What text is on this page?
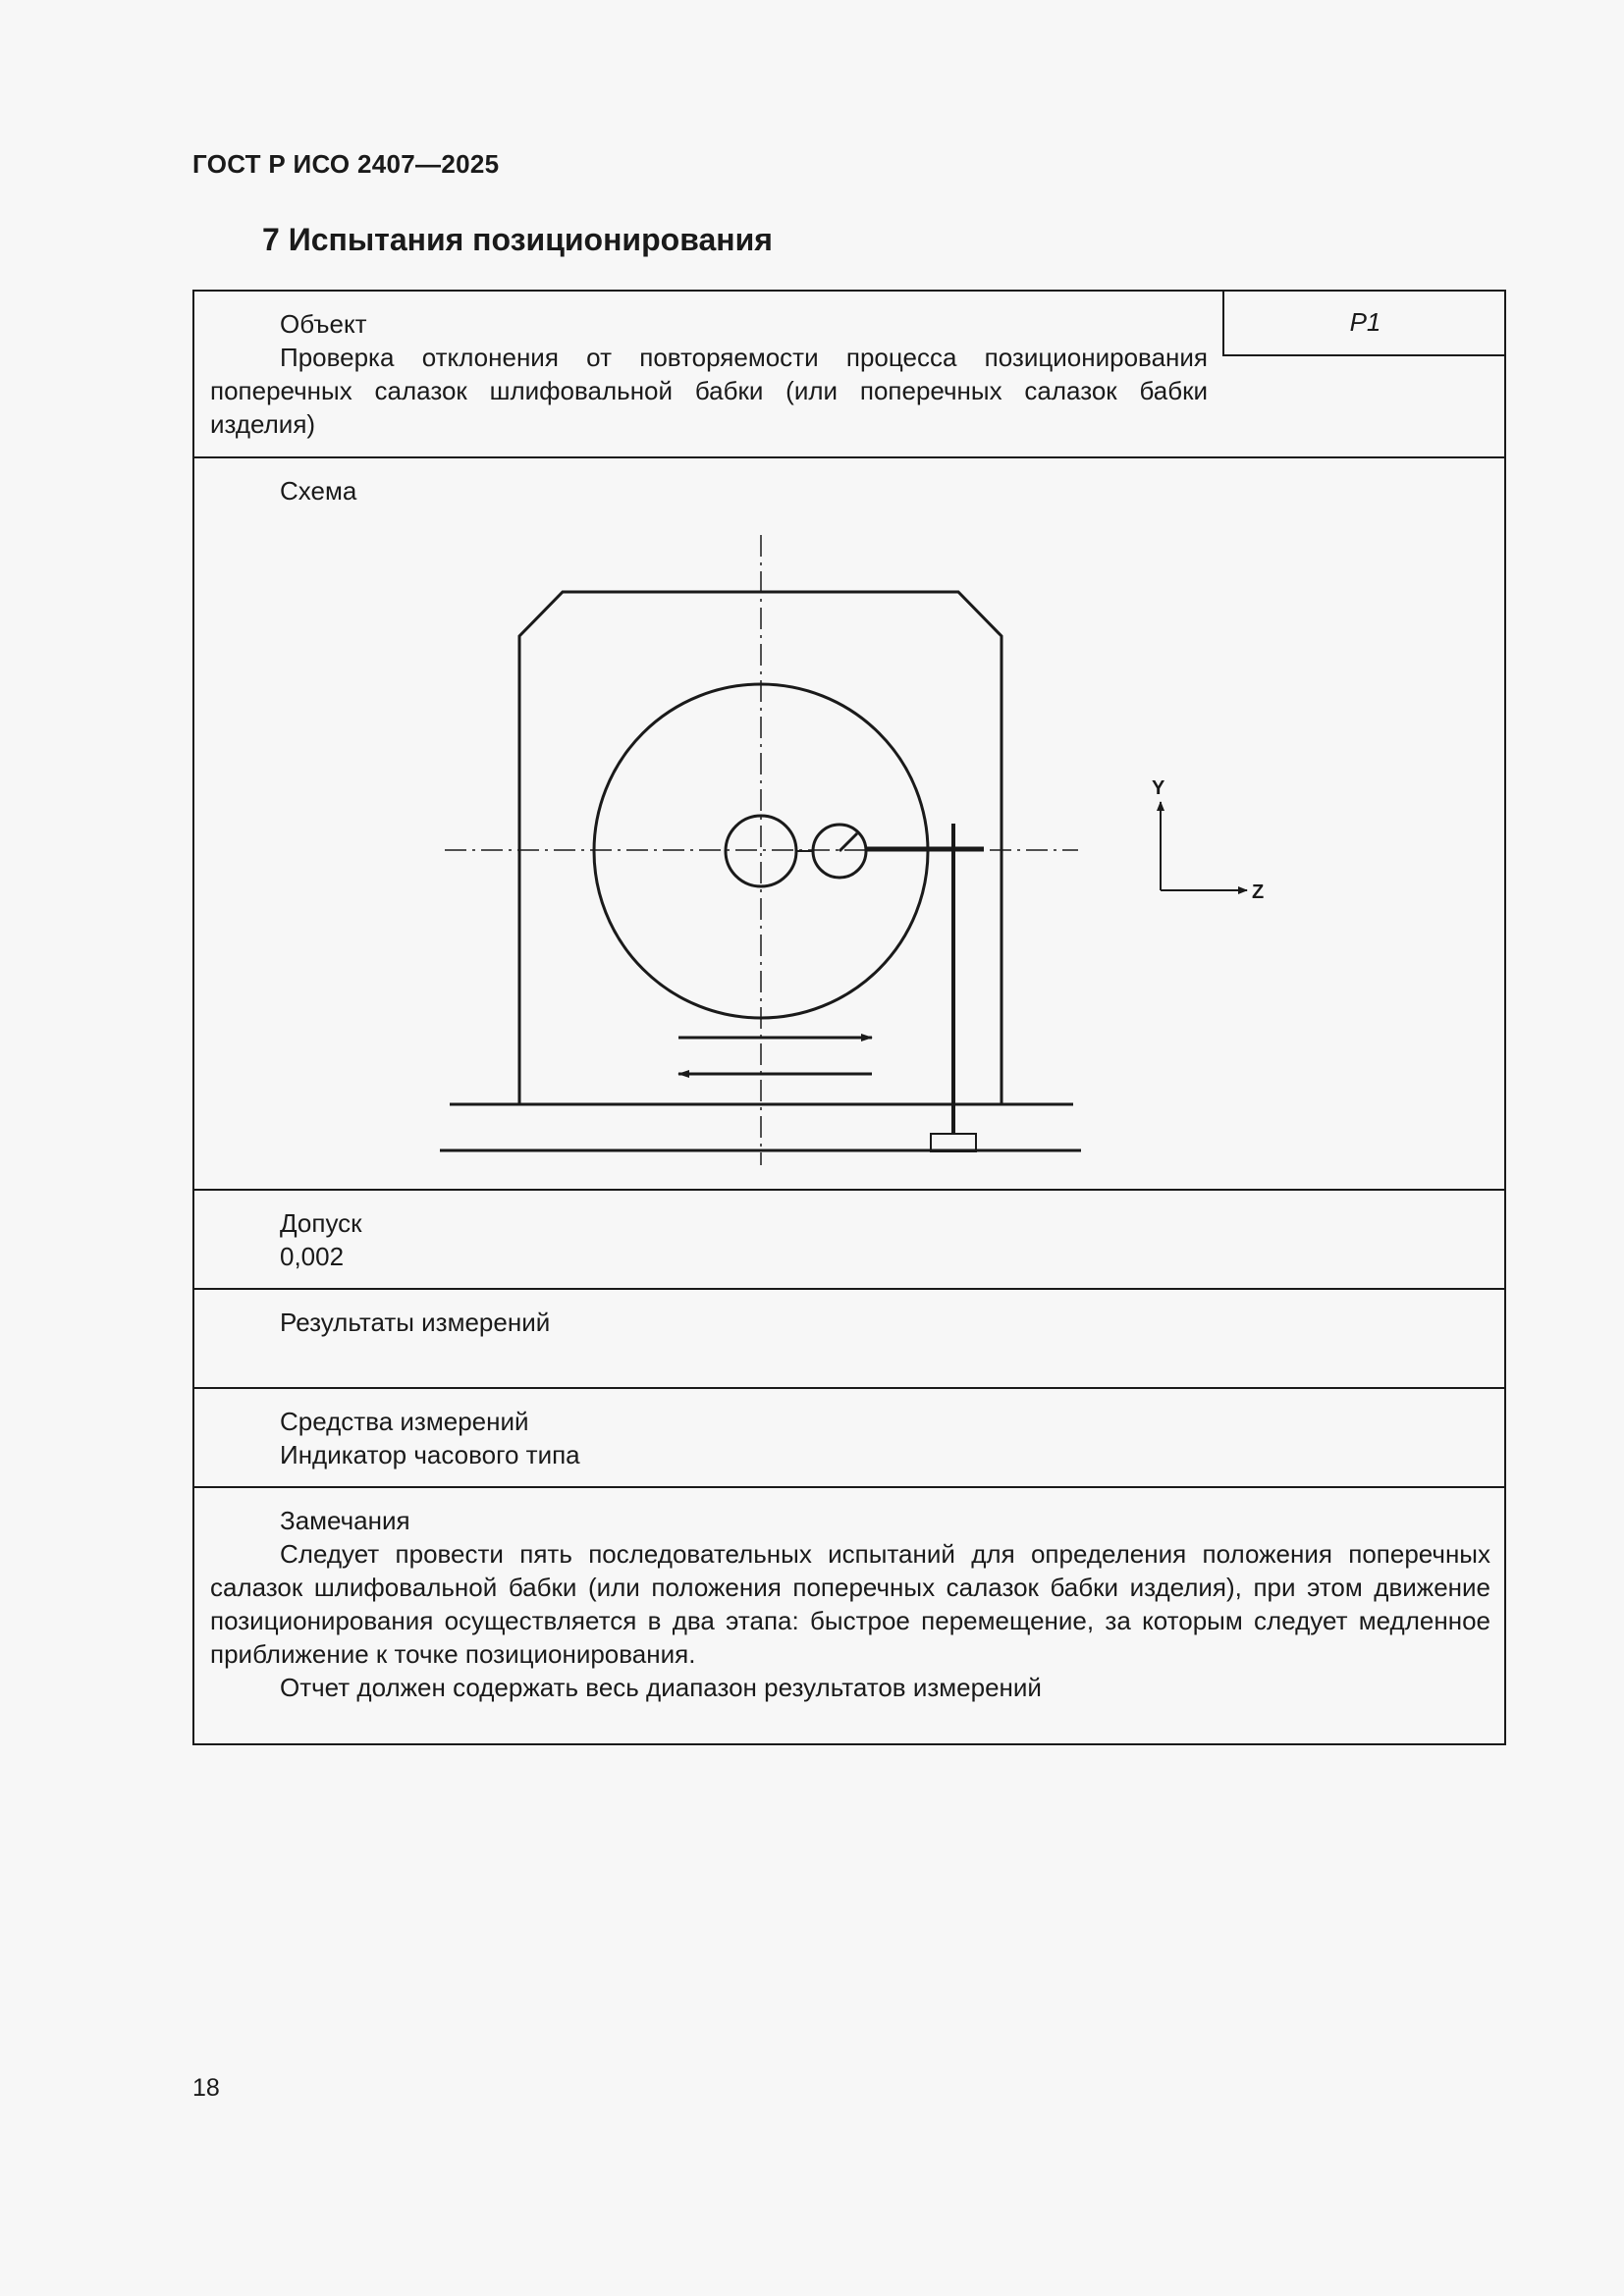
ГОСТ Р ИСО 2407—2025
7 Испытания позиционирования
Объект
Проверка отклонения от повторяемости процесса позиционирования поперечных салазок шлифовальной бабки (или поперечных салазок бабки изделия)
P1
Схема
Y
Z
Допуск
0,002
Результаты измерений
Средства измерений
Индикатор часового типа
Замечания
Следует провести пять последовательных испытаний для определения положения поперечных салазок шлифовальной бабки (или положения поперечных салазок бабки изделия), при этом движение позиционирования осуществляется в два этапа: быстрое перемещение, за которым следует медленное приближение к точке позиционирования.
Отчет должен содержать весь диапазон результатов измерений
18
